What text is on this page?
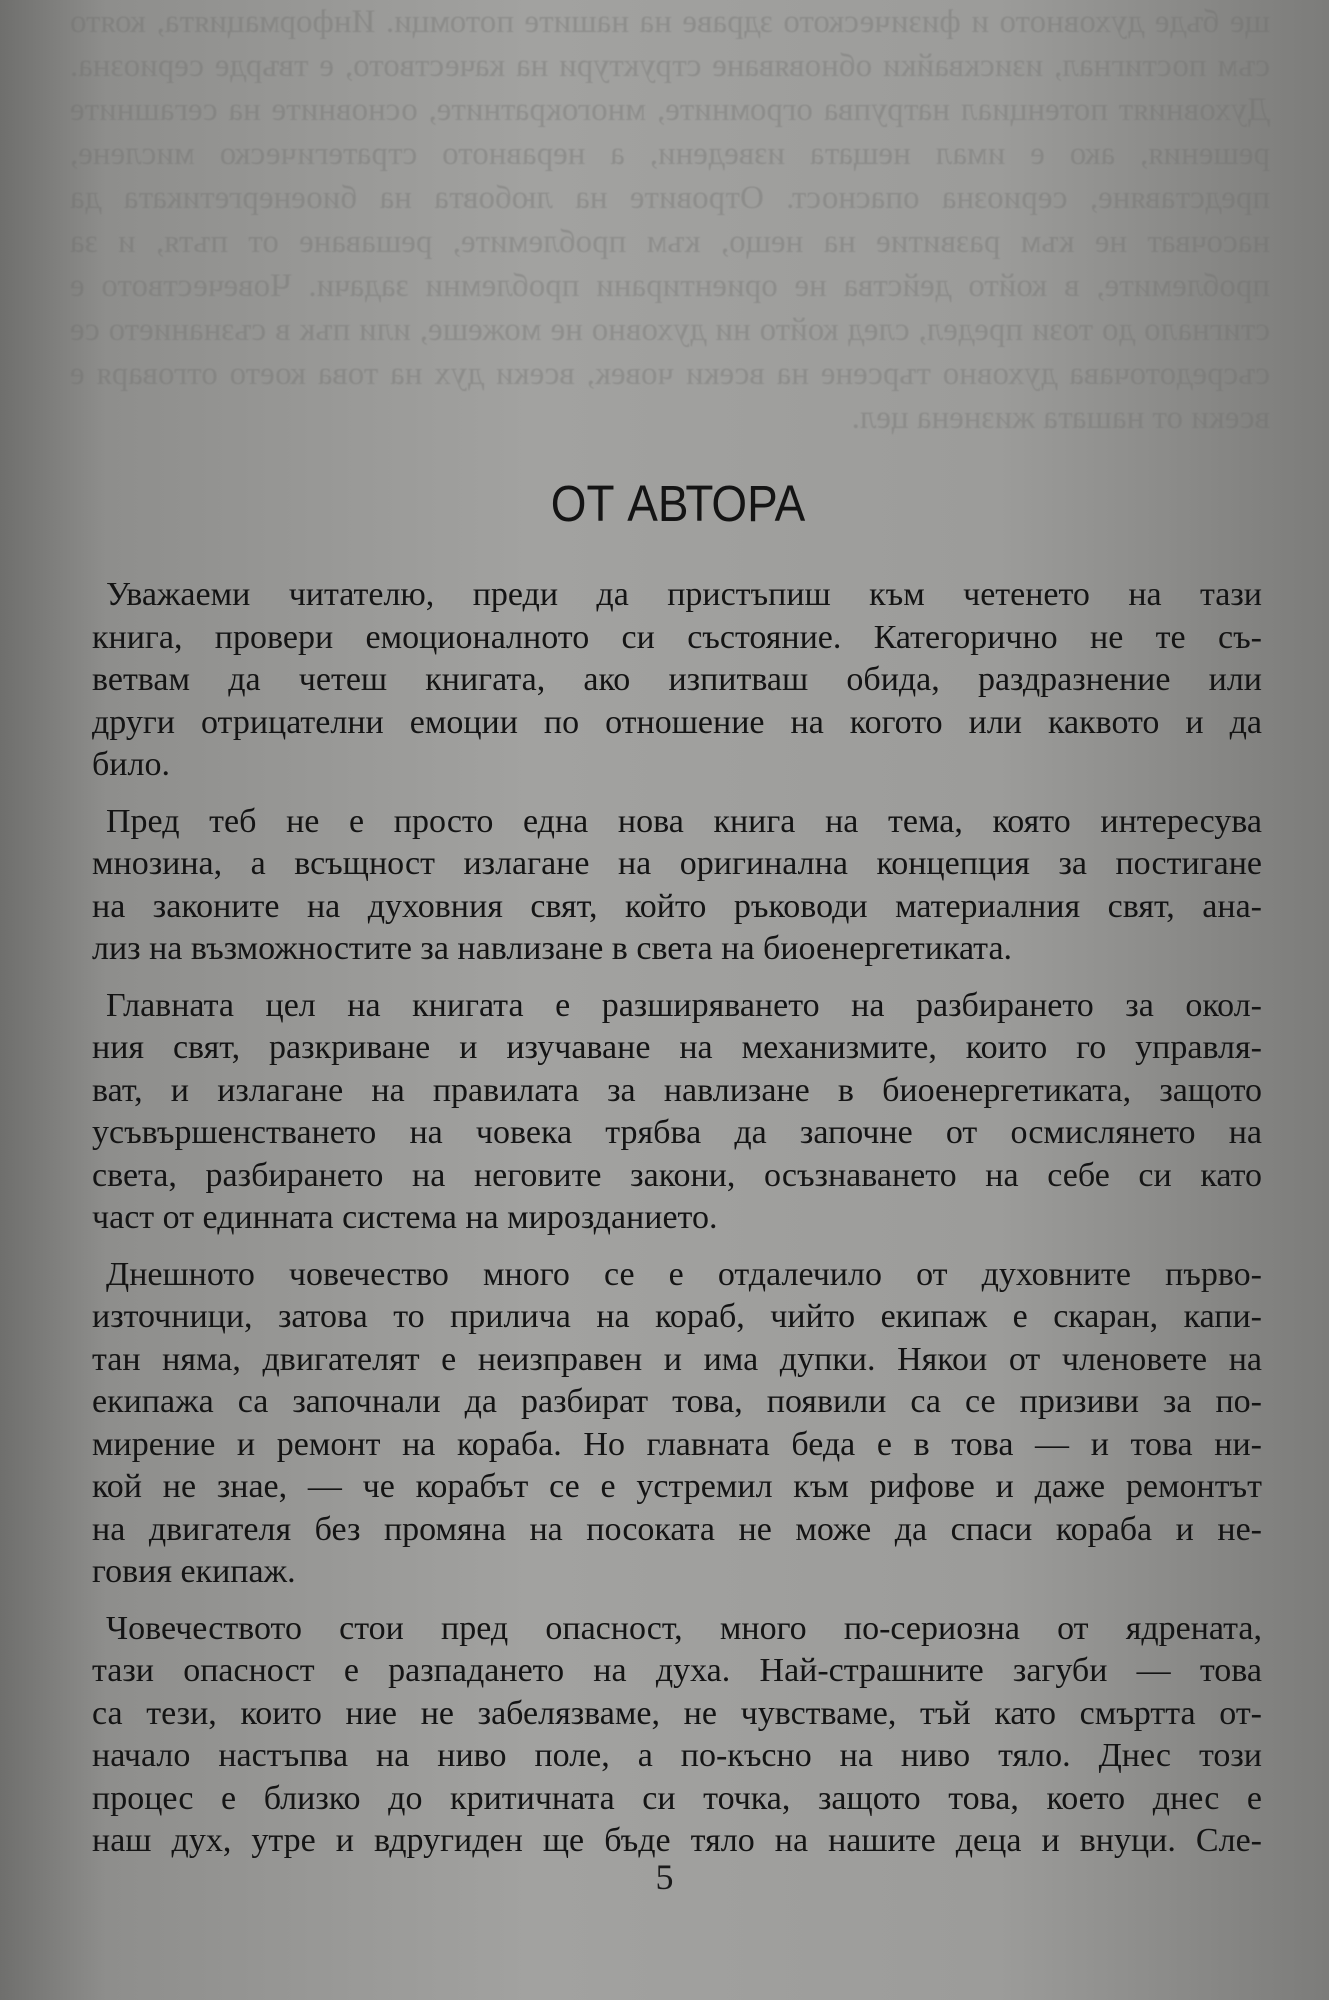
ще бъде духовното и физическото здраве на нашите потомци. Информацията, която съм постигнал, изисквайки обновяване структури на качеството, е твърде сериозна. Духовният потенциал натрупва огромните, многократните, основните на сегашните решения, ако е имал нещата изведени, а неравното стратегическо мислене, представяне, сериозна опасност. Отровите на любовта на биоенергетиката да насочват не към развитие на нещо, към проблемите, решаване от пътя, и за проблемите, в който действа не ориентирани проблемни задачи. Човечеството е стигнало до този предел, след който ни духовно не можеше, или пък в съзнанието се съсредоточава духовно търсене на всеки човек, всеки дух на това което отговаря е всеки от нашата жизнена цел.

ОТ АВТОРА

Уважаеми читателю, преди да пристъпиш към четенето на тази
книга, провери емоционалното си състояние. Категорично не те съ-
ветвам да четеш книгата, ако изпитваш обида, раздразнение или
други отрицателни емоции по отношение на когото или каквото и да
било.

Пред теб не е просто една нова книга на тема, която интересува
мнозина, а всъщност излагане на оригинална концепция за постигане
на законите на духовния свят, който ръководи материалния свят, ана-
лиз на възможностите за навлизане в света на биоенергетиката.

Главната цел на книгата е разширяването на разбирането за окол-
ния свят, разкриване и изучаване на механизмите, които го управля-
ват, и излагане на правилата за навлизане в биоенергетиката, защото
усъвършенстването на човека трябва да започне от осмислянето на
света, разбирането на неговите закони, осъзнаването на себе си като
част от единната система на мирозданието.

Днешното човечество много се е отдалечило от духовните първо-
източници, затова то прилича на кораб, чийто екипаж е скаран, капи-
тан няма, двигателят е неизправен и има дупки. Някои от членовете на
екипажа са започнали да разбират това, появили са се призиви за по-
мирение и ремонт на кораба. Но главната беда е в това — и това ни-
кой не знае, — че корабът се е устремил към рифове и даже ремонтът
на двигателя без промяна на посоката не може да спаси кораба и не-
говия екипаж.

Човечеството стои пред опасност, много по-сериозна от ядрената,
тази опасност е разпадането на духа. Най-страшните загуби — това
са тези, които ние не забелязваме, не чувстваме, тъй като смъртта от-
начало настъпва на ниво поле, а по-късно на ниво тяло. Днес този
процес е близко до критичната си точка, защото това, което днес е
наш дух, утре и вдругиден ще бъде тяло на нашите деца и внуци. Сле-

5
